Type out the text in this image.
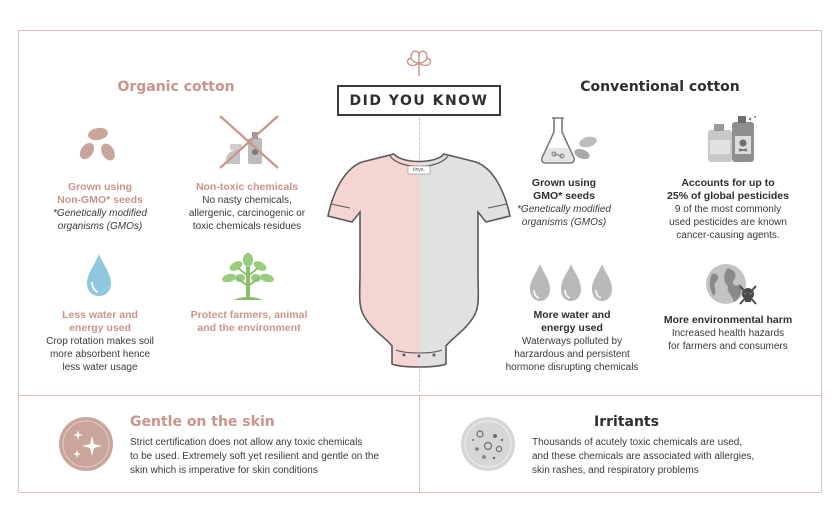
DID YOU KNOW
Organic cotton	Conventional cotton
Grown using
Non-GMO* seeds
*Genetically modified
organisms (GMOs)
Non-toxic chemicals
No nasty chemicals,
allergenic, carcinogenic or
toxic chemicals residues
Less water and
energy used
Crop rotation makes soil
more absorbent hence
less water usage
Protect farmers, animal
and the environment
tinys.
Grown using
GMO* seeds
*Genetically modified
organisms (GMOs)
Accounts for up to
25% of global pesticides
9 of the most commonly
used pesticides are known
cancer-causing agents.
More water and
energy used
Waterways polluted by
harzardous and persistent
hormone disrupting chemicals
More environmental harm
Increased health hazards
for farmers and consumers
Gentle on the skin
Strict certification does not allow any toxic chemicals
to be used. Extremely soft yet resilient and gentle on the
skin which is imperative for skin conditions
Irritants
Thousands of acutely toxic chemicals are used,
and these chemicals are associated with allergies,
skin rashes, and respiratory problems
